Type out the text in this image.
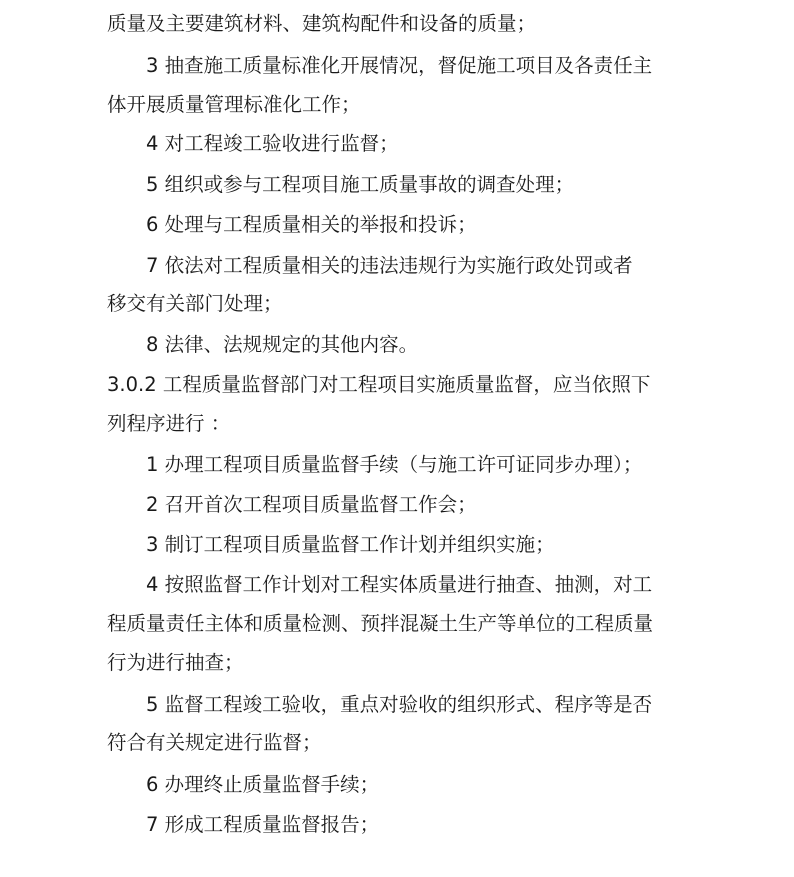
质量及主要建筑材料、建筑构配件和设备的质量；
3 抽查施工质量标准化开展情况，督促施工项目及各责任主
体开展质量管理标准化工作；
4 对工程竣工验收进行监督；
5 组织或参与工程项目施工质量事故的调查处理；
6 处理与工程质量相关的举报和投诉；
7 依法对工程质量相关的违法违规行为实施行政处罚或者
移交有关部门处理；
8 法律、法规规定的其他内容。
3.0.2 工程质量监督部门对工程项目实施质量监督，应当依照下
列程序进行 ：
1 办理工程项目质量监督手续（与施工许可证同步办理）；
2 召开首次工程项目质量监督工作会；
3 制订工程项目质量监督工作计划并组织实施；
4 按照监督工作计划对工程实体质量进行抽查、抽测，对工
程质量责任主体和质量检测、预拌混凝土生产等单位的工程质量
行为进行抽查；
5 监督工程竣工验收，重点对验收的组织形式、程序等是否
符合有关规定进行监督；
6 办理终止质量监督手续；
7 形成工程质量监督报告；
